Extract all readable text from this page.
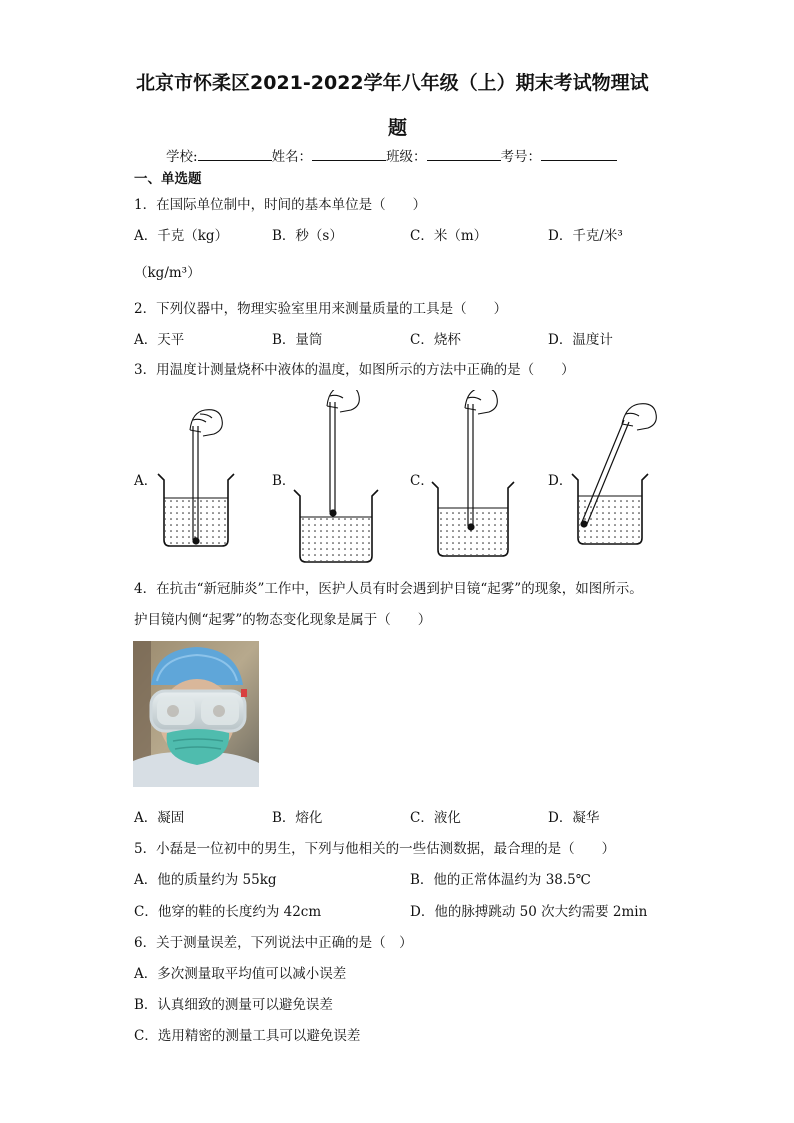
北京市怀柔区2021-2022学年八年级（上）期末考试物理试
题
学校:	姓名：	班级：	考号：
一、单选题
1．在国际单位制中，时间的基本单位是（　　）
A．千克（kg）	B．秒（s）	C．米（m）	D．千克/米³
（kg/m³）
2．下列仪器中，物理实验室里用来测量质量的工具是（　　）
A．天平	B．量筒	C．烧杯	D．温度计
3．用温度计测量烧杯中液体的温度，如图所示的方法中正确的是（　　）
A．	B．	C．	D．
4．在抗击“新冠肺炎”工作中，医护人员有时会遇到护目镜“起雾”的现象，如图所示。
护目镜内侧“起雾”的物态变化现象是属于（　　）
A．凝固	B．熔化	C．液化	D．凝华
5．小磊是一位初中的男生，下列与他相关的一些估测数据，最合理的是（　　）
A．他的质量约为 55kg	B．他的正常体温约为 38.5℃
C．他穿的鞋的长度约为 42cm	D．他的脉搏跳动 50 次大约需要 2min
6．关于测量误差，下列说法中正确的是（　）
A．多次测量取平均值可以减小误差
B．认真细致的测量可以避免误差
C．选用精密的测量工具可以避免误差
